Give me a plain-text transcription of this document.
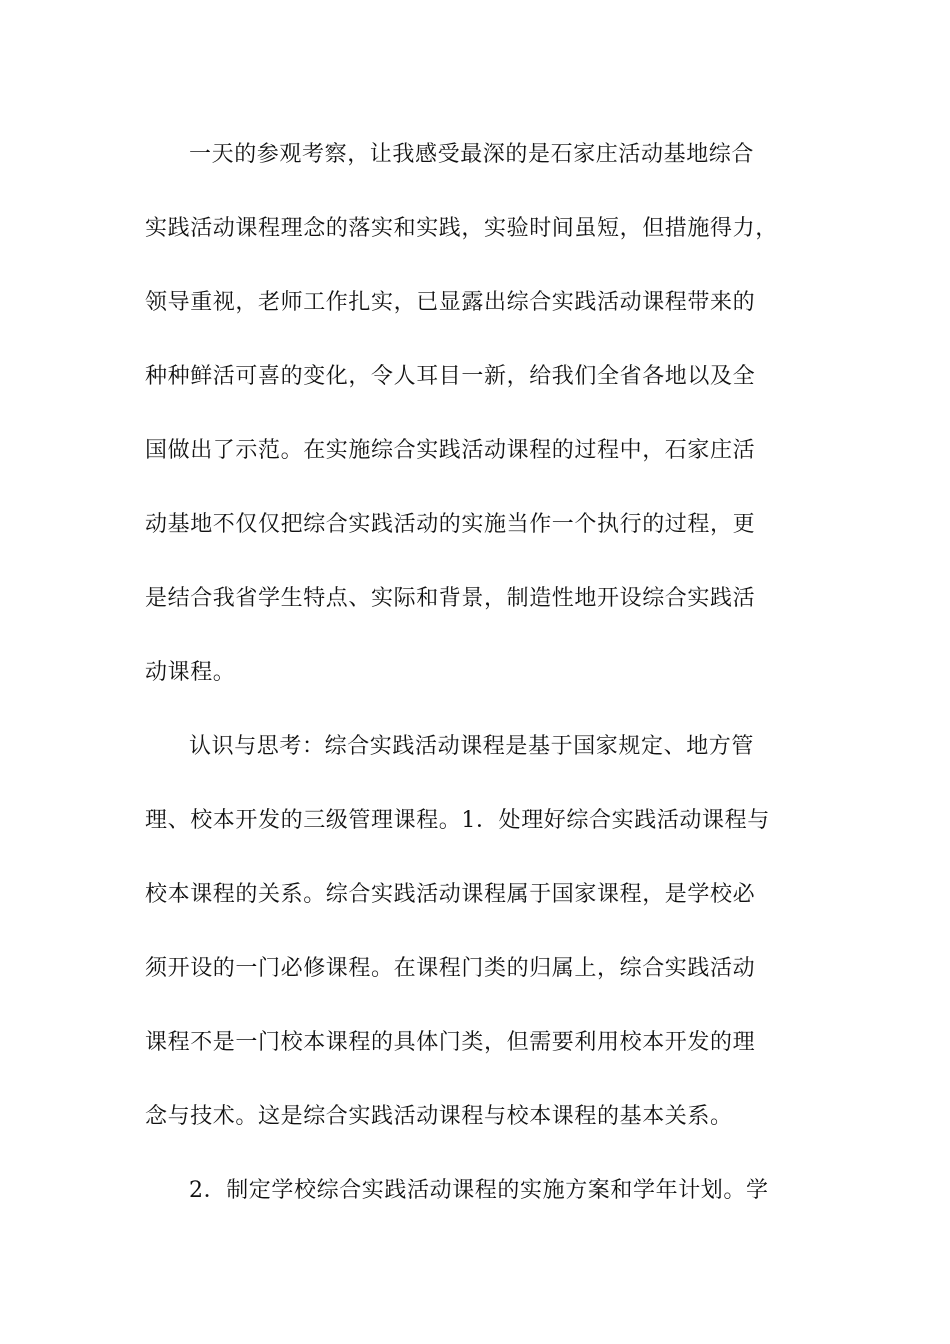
一天的参观考察，让我感受最深的是石家庄活动基地综合
实践活动课程理念的落实和实践，实验时间虽短，但措施得力，
领导重视，老师工作扎实，已显露出综合实践活动课程带来的
种种鲜活可喜的变化，令人耳目一新，给我们全省各地以及全
国做出了示范。在实施综合实践活动课程的过程中，石家庄活
动基地不仅仅把综合实践活动的实施当作一个执行的过程，更
是结合我省学生特点、实际和背景，制造性地开设综合实践活
动课程。
认识与思考：综合实践活动课程是基于国家规定、地方管
理、校本开发的三级管理课程。1．处理好综合实践活动课程与
校本课程的关系。综合实践活动课程属于国家课程，是学校必
须开设的一门必修课程。在课程门类的归属上，综合实践活动
课程不是一门校本课程的具体门类，但需要利用校本开发的理
念与技术。这是综合实践活动课程与校本课程的基本关系。
2．制定学校综合实践活动课程的实施方案和学年计划。学
